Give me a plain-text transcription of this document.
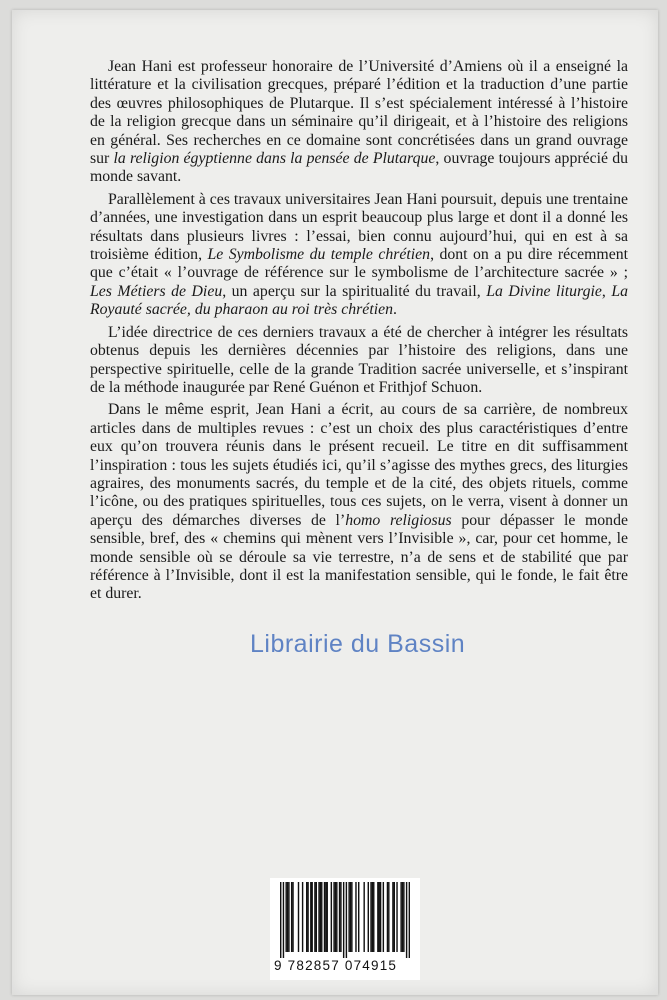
Jean Hani est professeur honoraire de l’Université d’Amiens où il a enseigné la littérature et la civilisation grecques, préparé l’édition et la traduction d’une partie des œuvres philosophiques de Plutarque. Il s’est spécialement intéressé à l’histoire de la religion grecque dans un séminaire qu’il dirigeait, et à l’histoire des religions en général. Ses recherches en ce domaine sont concrétisées dans un grand ouvrage sur la religion égyptienne dans la pensée de Plutarque, ouvrage toujours apprécié du monde savant.

Parallèlement à ces travaux universitaires Jean Hani poursuit, depuis une trentaine d’années, une investigation dans un esprit beaucoup plus large et dont il a donné les résultats dans plusieurs livres : l’essai, bien connu aujourd’hui, qui en est à sa troisième édition, Le Symbolisme du temple chrétien, dont on a pu dire récemment que c’était « l’ouvrage de référence sur le symbolisme de l’architecture sacrée » ; Les Métiers de Dieu, un aperçu sur la spiritualité du travail, La Divine liturgie, La Royauté sacrée, du pharaon au roi très chrétien.

L’idée directrice de ces derniers travaux a été de chercher à intégrer les résultats obtenus depuis les dernières décennies par l’histoire des religions, dans une perspective spirituelle, celle de la grande Tradition sacrée universelle, et s’inspirant de la méthode inaugurée par René Guénon et Frithjof Schuon.

Dans le même esprit, Jean Hani a écrit, au cours de sa carrière, de nombreux articles dans de multiples revues : c’est un choix des plus caractéristiques d’entre eux qu’on trouvera réunis dans le présent recueil. Le titre en dit suffisamment l’inspiration : tous les sujets étudiés ici, qu’il s’agisse des mythes grecs, des liturgies agraires, des monuments sacrés, du temple et de la cité, des objets rituels, comme l’icône, ou des pratiques spirituelles, tous ces sujets, on le verra, visent à donner un aperçu des démarches diverses de l’homo religiosus pour dépasser le monde sensible, bref, des « chemins qui mènent vers l’Invisible », car, pour cet homme, le monde sensible où se déroule sa vie terrestre, n’a de sens et de stabilité que par référence à l’Invisible, dont il est la manifestation sensible, qui le fonde, le fait être et durer.

9 782857 074915
Librairie du Bassin
